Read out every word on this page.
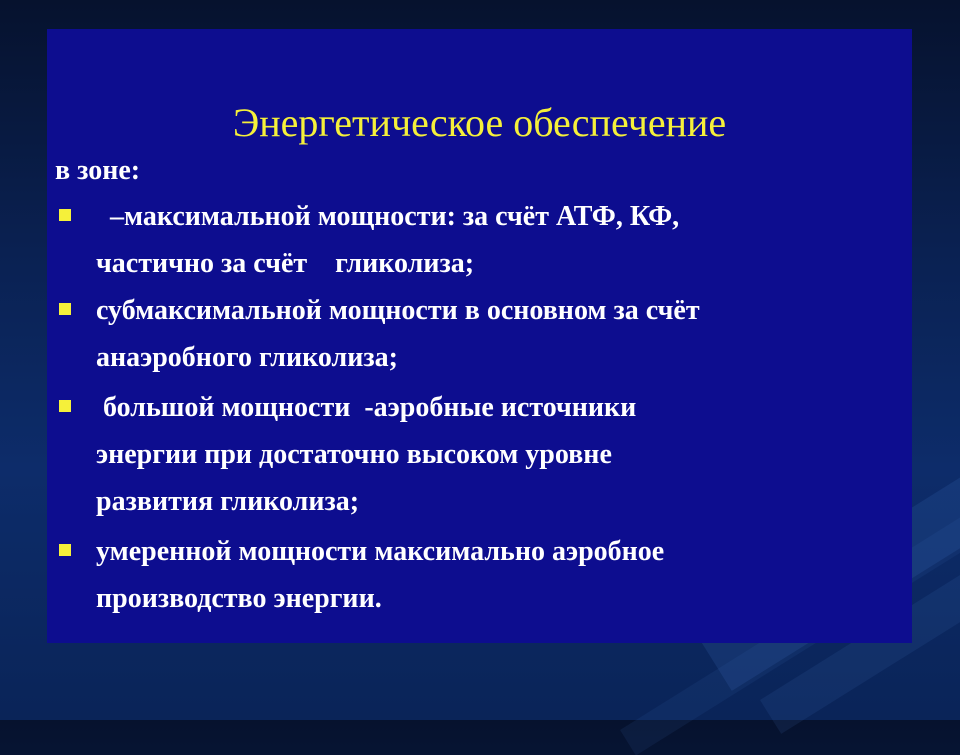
Энергетическое обеспечение

в зоне:

–максимальной мощности: за счёт АТФ, КФ,
частично за счёт    гликолиза;

субмаксимальной мощности в основном за счёт
анаэробного гликолиза;

большой мощности  -аэробные источники
энергии при достаточно высоком уровне
развития гликолиза;

умеренной мощности максимально аэробное
производство энергии.
